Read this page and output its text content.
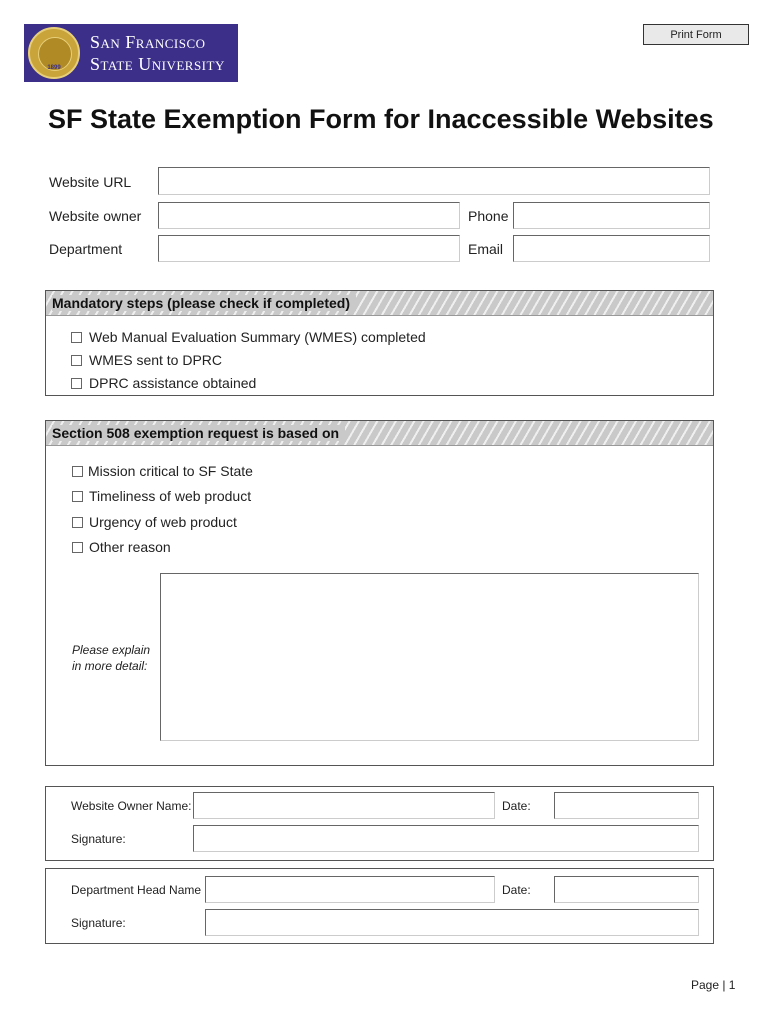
1899
San Francisco
State University
Print Form
SF State Exemption Form for Inaccessible Websites
Website URL
Website owner	Phone
Department	Email
Mandatory steps (please check if completed)
Web Manual Evaluation Summary (WMES) completed
WMES sent to DPRC
DPRC assistance obtained
Section 508 exemption request is based on
Mission critical to SF State
Timeliness of web product
Urgency of web product
Other reason
Please explain
in more detail:
Website Owner Name:	Date:
Signature:
Department Head Name	Date:
Signature:
Page | 1
